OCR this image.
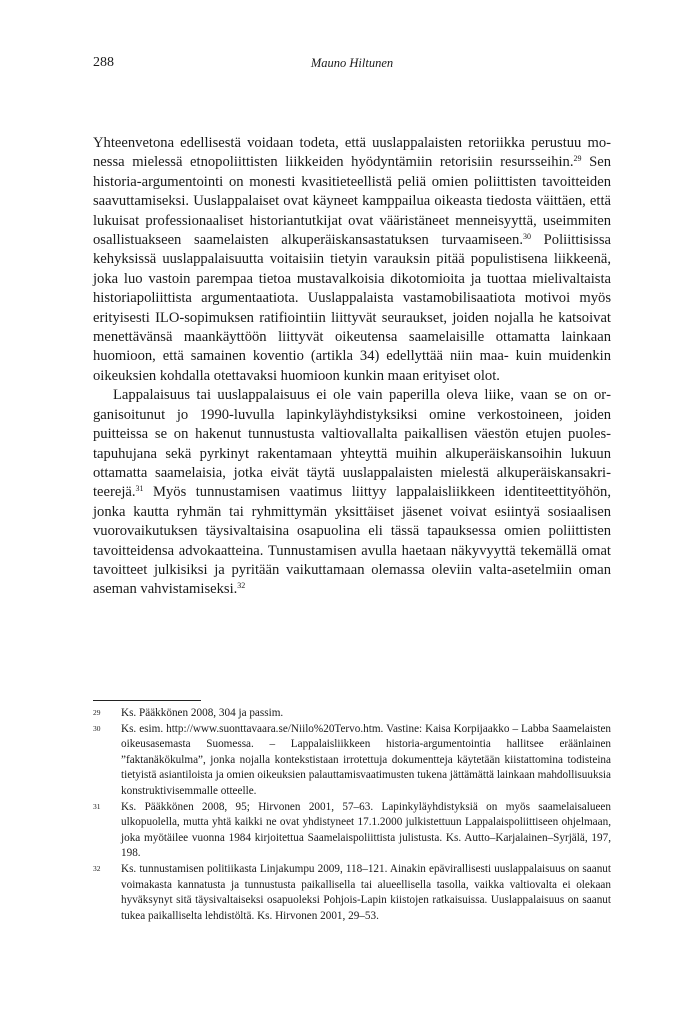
288	Mauno Hiltunen

Yhteenvetona edellisestä voidaan todeta, että uuslappalaisten retoriikka perustuu monessa mielessä etnopoliittisten liikkeiden hyödyntämiin retorisiin resursseihin.$^{29}$ Sen historia-argumentointi on monesti kvasitieteellistä peliä omien poliittisten tavoitteiden saavuttamiseksi. Uuslappalaiset ovat käyneet kamppailua oikeasta tiedosta väittäen, että lukuisat professionaaliset historiantutkijat ovat vääristäneet menneisyyttä, useimmiten osallistuakseen saamelaisten alkuperäiskansastatuksen turvaamiseen.$^{30}$ Poliittisissa kehyksissä uuslappalaisuutta voitaisiin tietyin varauksin pitää populistisena liikkeenä, joka luo vastoin parempaa tietoa mustavalkoisia dikotomioita ja tuottaa mielivaltaista historiapoliittista argumentaatiota. Uuslappalaista vastamobilisaatiota motivoi myös erityisesti ILO-sopimuksen ratifiointiin liittyvät seuraukset, joiden nojalla he katsoivat menettävänsä maankäyttöön liittyvät oikeutensa saamelaisille ottamatta lainkaan huomioon, että samainen koventio (artikla 34) edellyttää niin maa- kuin muidenkin oikeuksien kohdalla otettavaksi huomioon kunkin maan erityiset olot.

Lappalaisuus tai uuslappalaisuus ei ole vain paperilla oleva liike, vaan se on organisoitunut jo 1990-luvulla lapinkyläyhdistyksiksi omine verkostoineen, joiden puitteissa se on hakenut tunnustusta valtiovallalta paikallisen väestön etujen puolestapuhujana sekä pyrkinyt rakentamaan yhteyttä muihin alkuperäiskansoihin lukuun ottamatta saamelaisia, jotka eivät täytä uuslappalaisten mielestä alkuperäiskansakriteerejä.$^{31}$ Myös tunnustamisen vaatimus liittyy lappalaisliikkeen identiteettityöhön, jonka kautta ryhmän tai ryhmittymän yksittäiset jäsenet voivat esiintyä sosiaalisen vuorovaikutuksen täysivaltaisina osapuolina eli tässä tapauksessa omien poliittisten tavoitteidensa advokaatteina. Tunnustamisen avulla haetaan näkyvyyttä tekemällä omat tavoitteet julkisiksi ja pyritään vaikuttamaan olemassa oleviin valta-asetelmiin oman aseman vahvistamiseksi.$^{32}$

29	Ks. Pääkkönen 2008, 304 ja passim.
30	Ks. esim. http://www.suonttavaara.se/Niilo%20Tervo.htm. Vastine: Kaisa Korpijaakko – Labba Saamelaisten oikeusasemasta Suomessa. – Lappalaisliikkeen historia-argumentointia hallitsee eräänlainen ”faktanäkökulma”, jonka nojalla kontekstistaan irrotettuja dokumentteja käytetään kiistattomina todisteina tietyistä asiantiloista ja omien oikeuksien palauttamisvaatimusten tukena jättämättä lainkaan mahdollisuuksia konstruktivisemmalle otteelle.
31	Ks. Pääkkönen 2008, 95; Hirvonen 2001, 57–63. Lapinkyläyhdistyksiä on myös saamelaisalueen ulkopuolella, mutta yhtä kaikki ne ovat yhdistyneet 17.1.2000 julkistettuun Lappalaispoliittiseen ohjelmaan, joka myötäilee vuonna 1984 kirjoitettua Saamelaispoliittista julistusta. Ks. Autto–Karjalainen–Syrjälä, 197, 198.
32	Ks. tunnustamisen politiikasta Linjakumpu 2009, 118–121. Ainakin epävirallisesti uuslappalaisuus on saanut voimakasta kannatusta ja tunnustusta paikallisella tai alueellisella tasolla, vaikka valtiovalta ei olekaan hyväksynyt sitä täysivaltaiseksi osapuoleksi Pohjois-Lapin kiistojen ratkaisuissa. Uuslappalaisuus on saanut tukea paikalliselta lehdistöltä. Ks. Hirvonen 2001, 29–53.
